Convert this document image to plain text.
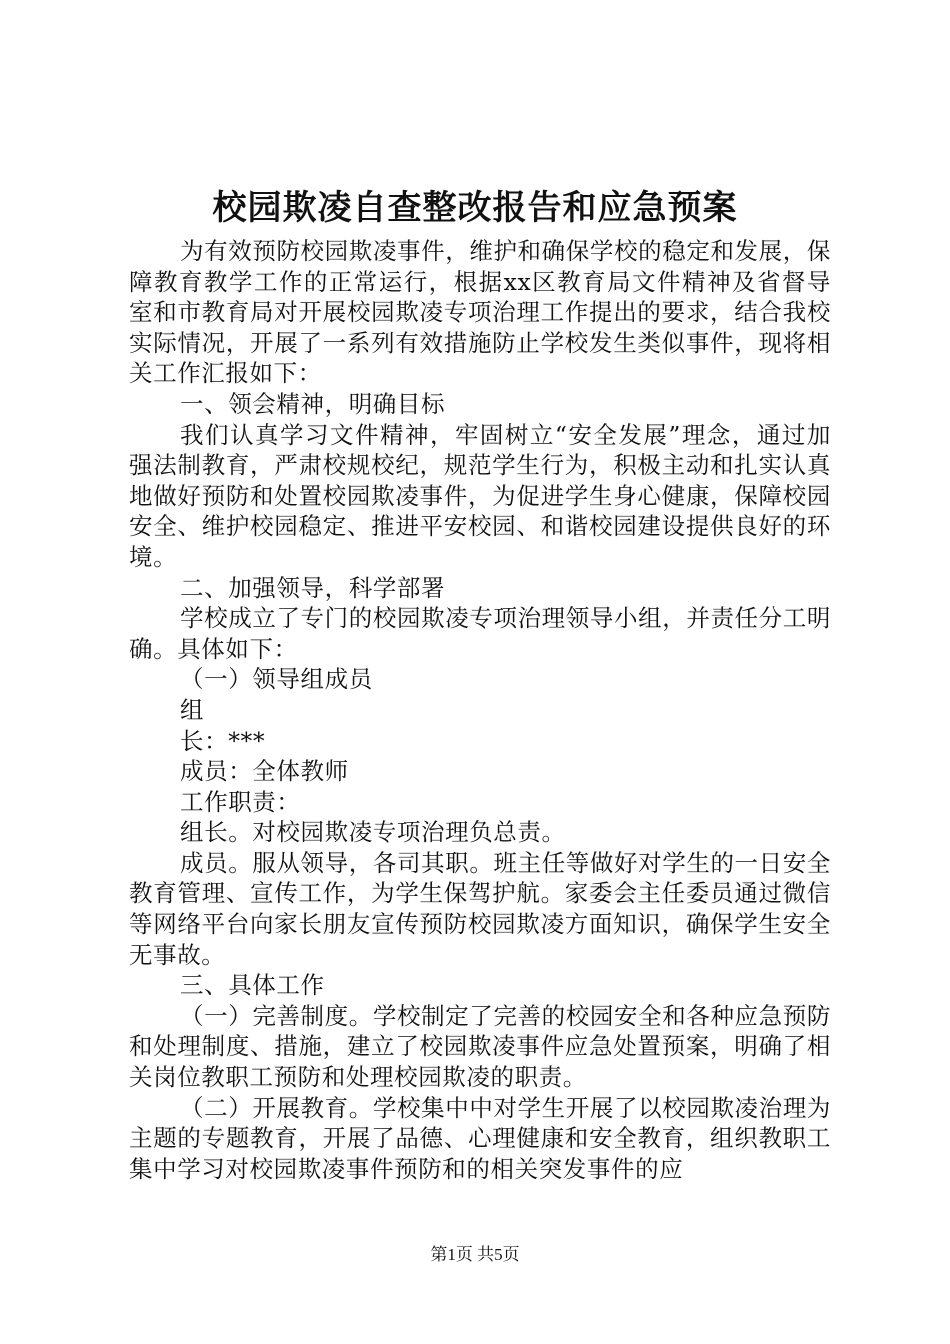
校园欺凌自查整改报告和应急预案

为有效预防校园欺凌事件，维护和确保学校的稳定和发展，保障教育教学工作的正常运行，根据xx区教育局文件精神及省督导室和市教育局对开展校园欺凌专项治理工作提出的要求，结合我校实际情况，开展了一系列有效措施防止学校发生类似事件，现将相关工作汇报如下：

一、领会精神，明确目标

我们认真学习文件精神，牢固树立“安全发展”理念，通过加强法制教育，严肃校规校纪，规范学生行为，积极主动和扎实认真地做好预防和处置校园欺凌事件，为促进学生身心健康，保障校园安全、维护校园稳定、推进平安校园、和谐校园建设提供良好的环境。

二、加强领导，科学部署

学校成立了专门的校园欺凌专项治理领导小组，并责任分工明确。具体如下：

（一）领导组成员

组

长：***

成员：全体教师

工作职责：

组长。对校园欺凌专项治理负总责。

成员。服从领导，各司其职。班主任等做好对学生的一日安全教育管理、宣传工作，为学生保驾护航。家委会主任委员通过微信等网络平台向家长朋友宣传预防校园欺凌方面知识，确保学生安全无事故。

三、具体工作

（一）完善制度。学校制定了完善的校园安全和各种应急预防和处理制度、措施，建立了校园欺凌事件应急处置预案，明确了相关岗位教职工预防和处理校园欺凌的职责。

（二）开展教育。学校集中中对学生开展了以校园欺凌治理为主题的专题教育，开展了品德、心理健康和安全教育，组织教职工集中学习对校园欺凌事件预防和的相关突发事件的应

第1页 共5页
